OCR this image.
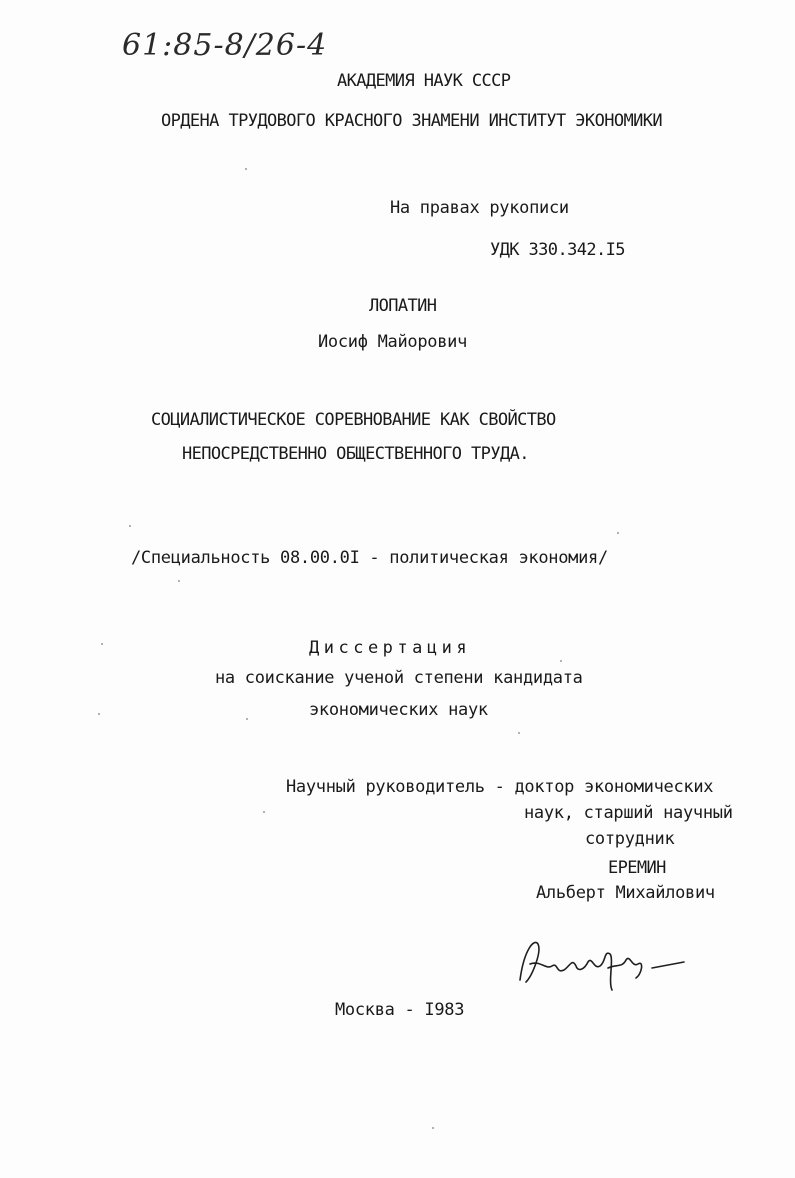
61:85-8/26-4
АКАДЕМИЯ НАУК СССР
ОРДЕНА ТРУДОВОГО КРАСНОГО ЗНАМЕНИ ИНСТИТУТ ЭКОНОМИКИ
На правах рукописи
УДК 330.342.I5
ЛОПАТИН
Иосиф Майорович
СОЦИАЛИСТИЧЕСКОЕ СОРЕВНОВАНИЕ КАК СВОЙСТВО
НЕПОСРЕДСТВЕННО ОБЩЕСТВЕННОГО ТРУДА.
/Специальность 08.00.0I - политическая экономия/
Диссертация
на соискание ученой степени кандидата
экономических наук
Научный руководитель - доктор экономических
наук, старший научный
сотрудник
ЕРЕМИН
Альберт Михайлович
Москва - I983
